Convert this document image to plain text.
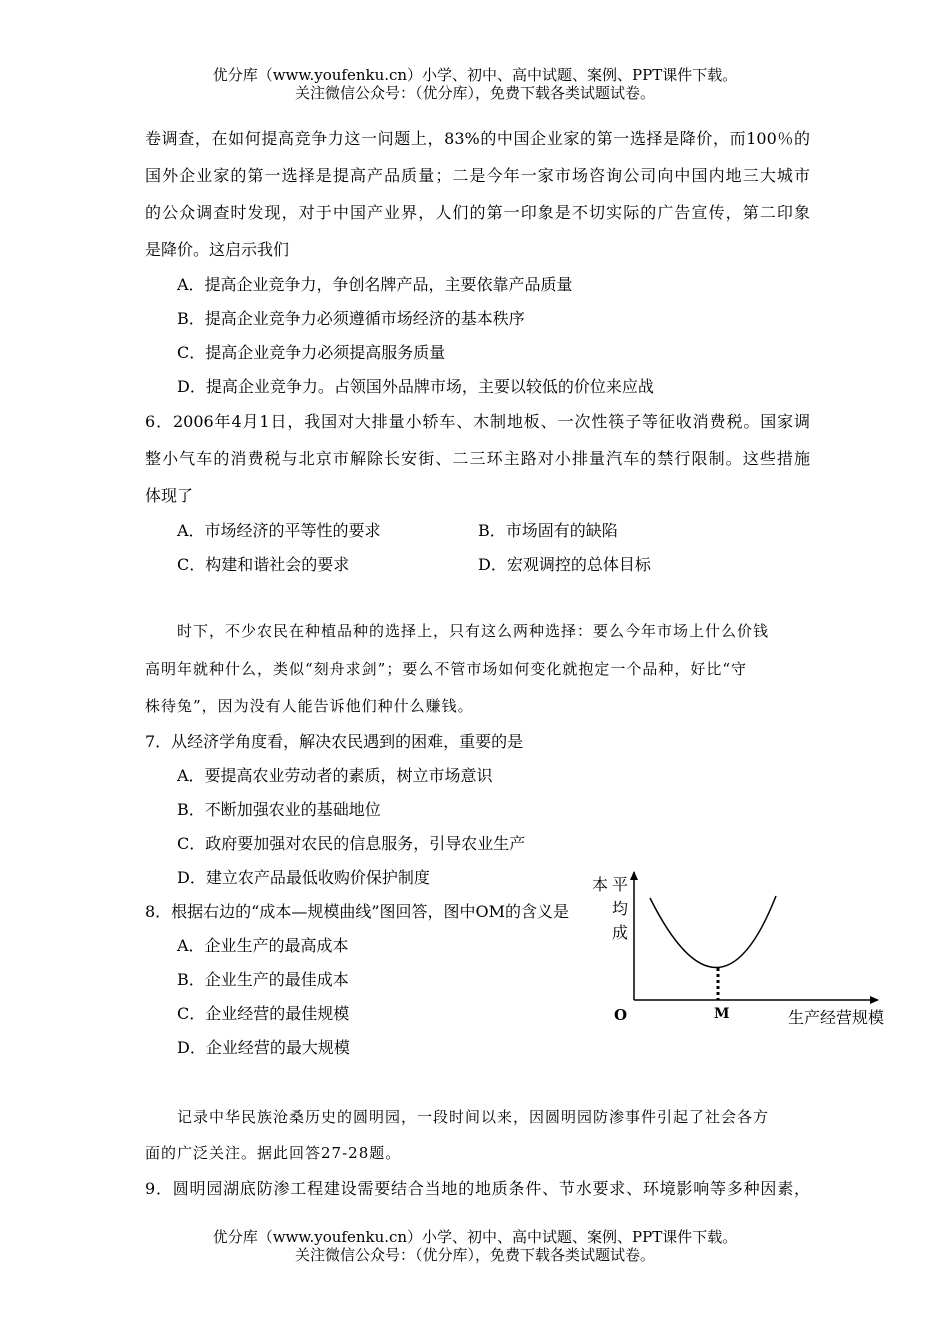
优分库（www.youfenku.cn）小学、初中、高中试题、案例、PPT课件下载。
关注微信公众号：（优分库），免费下载各类试题试卷。
卷调查，在如何提高竞争力这一问题上，83%的中国企业家的第一选择是降价，而100％的
国外企业家的第一选择是提高产品质量；二是今年一家市场咨询公司向中国内地三大城市
的公众调查时发现，对于中国产业界，人们的第一印象是不切实际的广告宣传，第二印象
是降价。这启示我们
A．提高企业竞争力，争创名牌产品，主要依靠产品质量
B．提高企业竞争力必须遵循市场经济的基本秩序
C．提高企业竞争力必须提高服务质量
D．提高企业竞争力。占领国外品牌市场，主要以较低的价位来应战
6．2006年4月1日，我国对大排量小轿车、木制地板、一次性筷子等征收消费税。国家调
整小气车的消费税与北京市解除长安街、二三环主路对小排量汽车的禁行限制。这些措施
体现了
A．市场经济的平等性的要求	B．市场固有的缺陷
C．构建和谐社会的要求	D．宏观调控的总体目标
时下，不少农民在种植品种的选择上，只有这么两种选择：要么今年市场上什么价钱
高明年就种什么，类似“刻舟求剑”；要么不管市场如何变化就抱定一个品种，好比“守
株待兔”，因为没有人能告诉他们种什么赚钱。
7．从经济学角度看，解决农民遇到的困难，重要的是
A．要提高农业劳动者的素质，树立市场意识
B．不断加强农业的基础地位
C．政府要加强对农民的信息服务，引导农业生产
D．建立农产品最低收购价保护制度
8．根据右边的“成本—规模曲线”图回答，图中OM的含义是
A．企业生产的最高成本
B．企业生产的最佳成本
C．企业经营的最佳规模
D．企业经营的最大规模
本 平
均
成
O	M	生产经营规模
记录中华民族沧桑历史的圆明园，一段时间以来，因圆明园防渗事件引起了社会各方
面的广泛关注。据此回答27-28题。
9．圆明园湖底防渗工程建设需要结合当地的地质条件、节水要求、环境影响等多种因素，
优分库（www.youfenku.cn）小学、初中、高中试题、案例、PPT课件下载。
关注微信公众号：（优分库），免费下载各类试题试卷。
